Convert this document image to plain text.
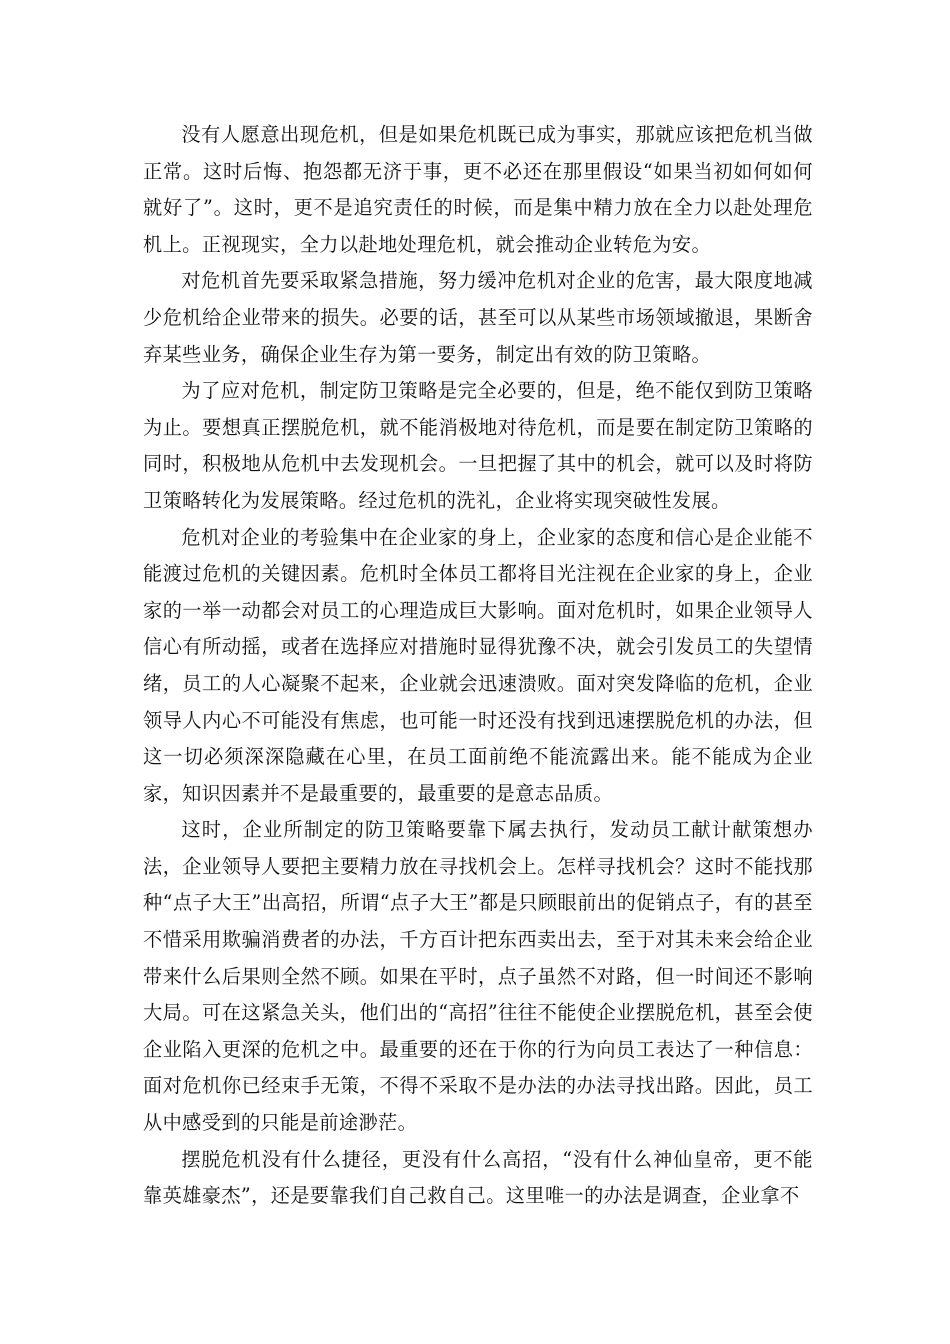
没有人愿意出现危机，但是如果危机既已成为事实，那就应该把危机当做正常。这时后悔、抱怨都无济于事，更不必还在那里假设“如果当初如何如何就好了”。这时，更不是追究责任的时候，而是集中精力放在全力以赴处理危机上。正视现实，全力以赴地处理危机，就会推动企业转危为安。

对危机首先要采取紧急措施，努力缓冲危机对企业的危害，最大限度地减少危机给企业带来的损失。必要的话，甚至可以从某些市场领域撤退，果断舍弃某些业务，确保企业生存为第一要务，制定出有效的防卫策略。

为了应对危机，制定防卫策略是完全必要的，但是，绝不能仅到防卫策略为止。要想真正摆脱危机，就不能消极地对待危机，而是要在制定防卫策略的同时，积极地从危机中去发现机会。一旦把握了其中的机会，就可以及时将防卫策略转化为发展策略。经过危机的洗礼，企业将实现突破性发展。

危机对企业的考验集中在企业家的身上，企业家的态度和信心是企业能不能渡过危机的关键因素。危机时全体员工都将目光注视在企业家的身上，企业家的一举一动都会对员工的心理造成巨大影响。面对危机时，如果企业领导人信心有所动摇，或者在选择应对措施时显得犹豫不决，就会引发员工的失望情绪，员工的人心凝聚不起来，企业就会迅速溃败。面对突发降临的危机，企业领导人内心不可能没有焦虑，也可能一时还没有找到迅速摆脱危机的办法，但这一切必须深深隐藏在心里，在员工面前绝不能流露出来。能不能成为企业家，知识因素并不是最重要的，最重要的是意志品质。

这时，企业所制定的防卫策略要靠下属去执行，发动员工献计献策想办法，企业领导人要把主要精力放在寻找机会上。怎样寻找机会？这时不能找那种“点子大王”出高招，所谓“点子大王”都是只顾眼前出的促销点子，有的甚至不惜采用欺骗消费者的办法，千方百计把东西卖出去，至于对其未来会给企业带来什么后果则全然不顾。如果在平时，点子虽然不对路，但一时间还不影响大局。可在这紧急关头，他们出的“高招”往往不能使企业摆脱危机，甚至会使企业陷入更深的危机之中。最重要的还在于你的行为向员工表达了一种信息：面对危机你已经束手无策，不得不采取不是办法的办法寻找出路。因此，员工从中感受到的只能是前途渺茫。

摆脱危机没有什么捷径，更没有什么高招，“没有什么神仙皇帝，更不能靠英雄豪杰”，还是要靠我们自己救自己。这里唯一的办法是调查，企业拿不
